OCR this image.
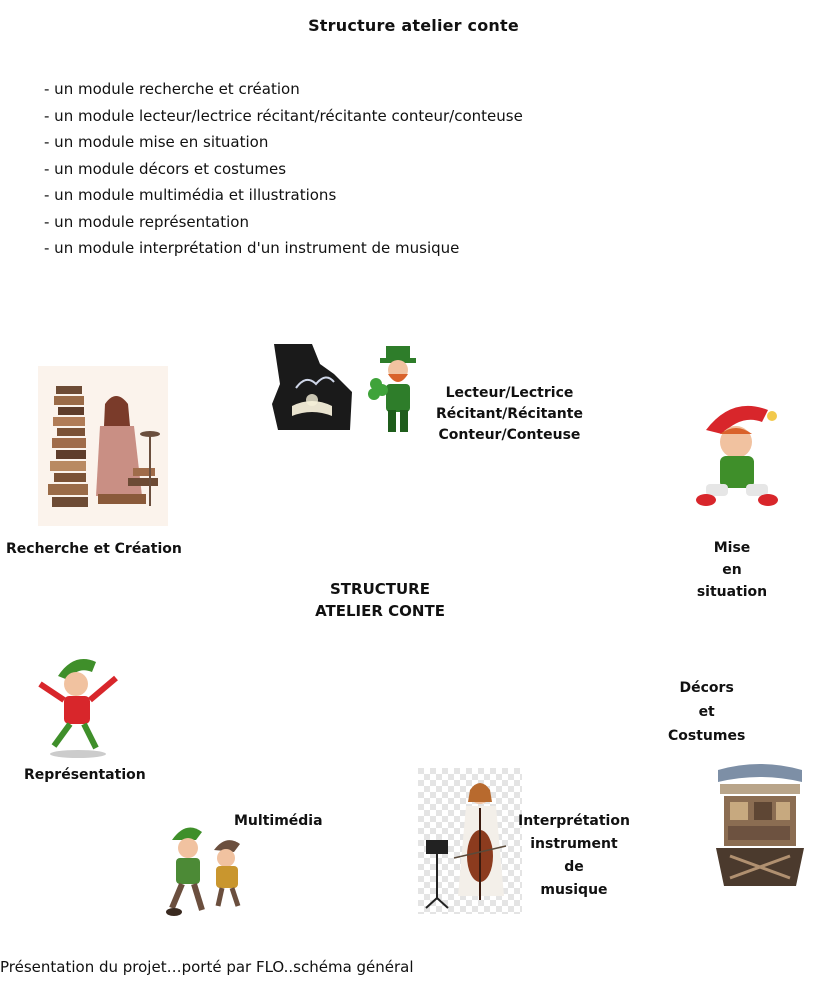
Structure atelier conte
- un module recherche et création
- un module lecteur/lectrice récitant/récitante conteur/conteuse
- un module mise en situation
- un module décors et costumes
- un module multimédia et illustrations
- un module représentation
- un module interprétation d'un instrument de musique
Recherche et Création
Lecteur/Lectrice
Récitant/Récitante
Conteur/Conteuse
Mise
en
situation
STRUCTURE
ATELIER CONTE
Représentation
Multimédia	Interprétation
instrument
de
musique
Décors
et
Costumes
Présentation du projet…porté par FLO..schéma général
